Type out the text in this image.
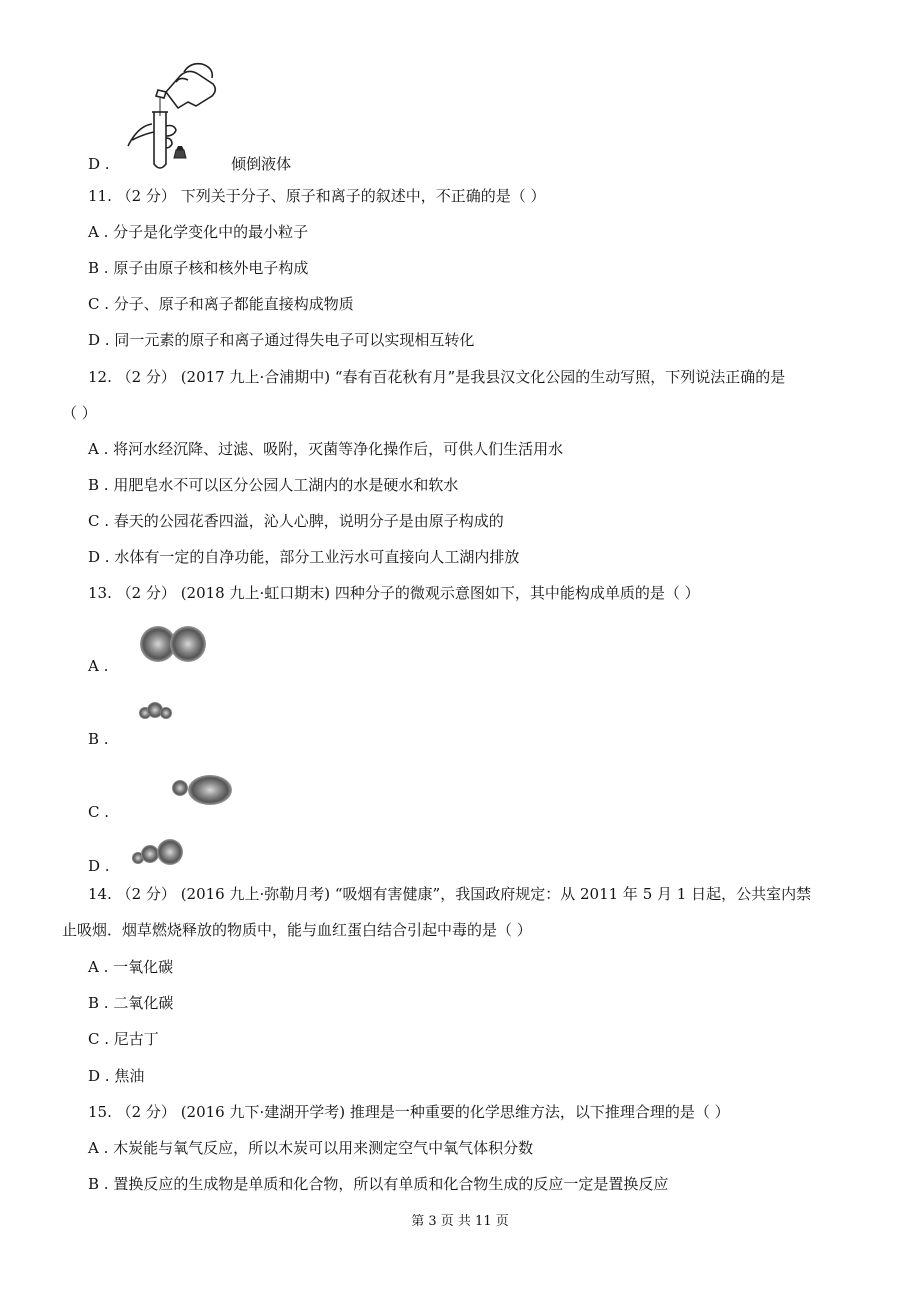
D .	倾倒液体
11. （2 分） 下列关于分子、原子和离子的叙述中，不正确的是（ ）
A . 分子是化学变化中的最小粒子
B . 原子由原子核和核外电子构成
C . 分子、原子和离子都能直接构成物质
D . 同一元素的原子和离子通过得失电子可以实现相互转化
12. （2 分） (2017 九上·合浦期中) “春有百花秋有月”是我县汉文化公园的生动写照，下列说法正确的是
（ ）
A . 将河水经沉降、过滤、吸附，灭菌等净化操作后，可供人们生活用水
B . 用肥皂水不可以区分公园人工湖内的水是硬水和软水
C . 春天的公园花香四溢，沁人心脾，说明分子是由原子构成的
D . 水体有一定的自净功能，部分工业污水可直接向人工湖内排放
13. （2 分） (2018 九上·虹口期末) 四种分子的微观示意图如下，其中能构成单质的是（ ）
A .
B .
C .
D .
14. （2 分） (2016 九上·弥勒月考) “吸烟有害健康”，我国政府规定：从 2011 年 5 月 1 日起，公共室内禁
止吸烟．烟草燃烧释放的物质中，能与血红蛋白结合引起中毒的是（ ）
A . 一氧化碳
B . 二氧化碳
C . 尼古丁
D . 焦油
15. （2 分） (2016 九下·建湖开学考) 推理是一种重要的化学思维方法，以下推理合理的是（ ）
A . 木炭能与氧气反应，所以木炭可以用来测定空气中氧气体积分数
B . 置换反应的生成物是单质和化合物，所以有单质和化合物生成的反应一定是置换反应
第 3 页 共 11 页
